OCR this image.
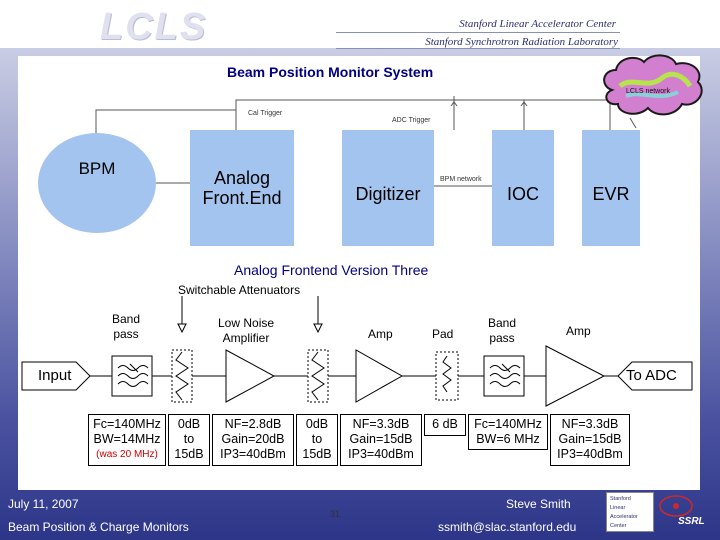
LCLS	Stanford Linear Accelerator Center
Stanford Synchrotron Radiation Laboratory
Beam Position Monitor System
BPM	Analog
Front.End	Digitizer	IOC	EVR
Cal Trigger
ADC Trigger
BPM network
LCLS network
Analog Frontend Version Three
Switchable Attenuators
Band
pass
Low Noise
Amplifier	Amp	Pad
Band
pass	Amp
Input	To ADC
Fc=140MHz
BW=14MHz
(was 20 MHz)
0dB
to
15dB
NF=2.8dB
Gain=20dB
IP3=40dBm
0dB
to
15dB
NF=3.3dB
Gain=15dB
IP3=40dBm
6 dB	Fc=140MHz
BW=6 MHz
NF=3.3dB
Gain=15dB
IP3=40dBm
July 11, 2007
Beam Position & Charge Monitors
31
Steve Smith
ssmith@slac.stanford.edu
Stanford
Linear
Accelerator
Center	SSRL
